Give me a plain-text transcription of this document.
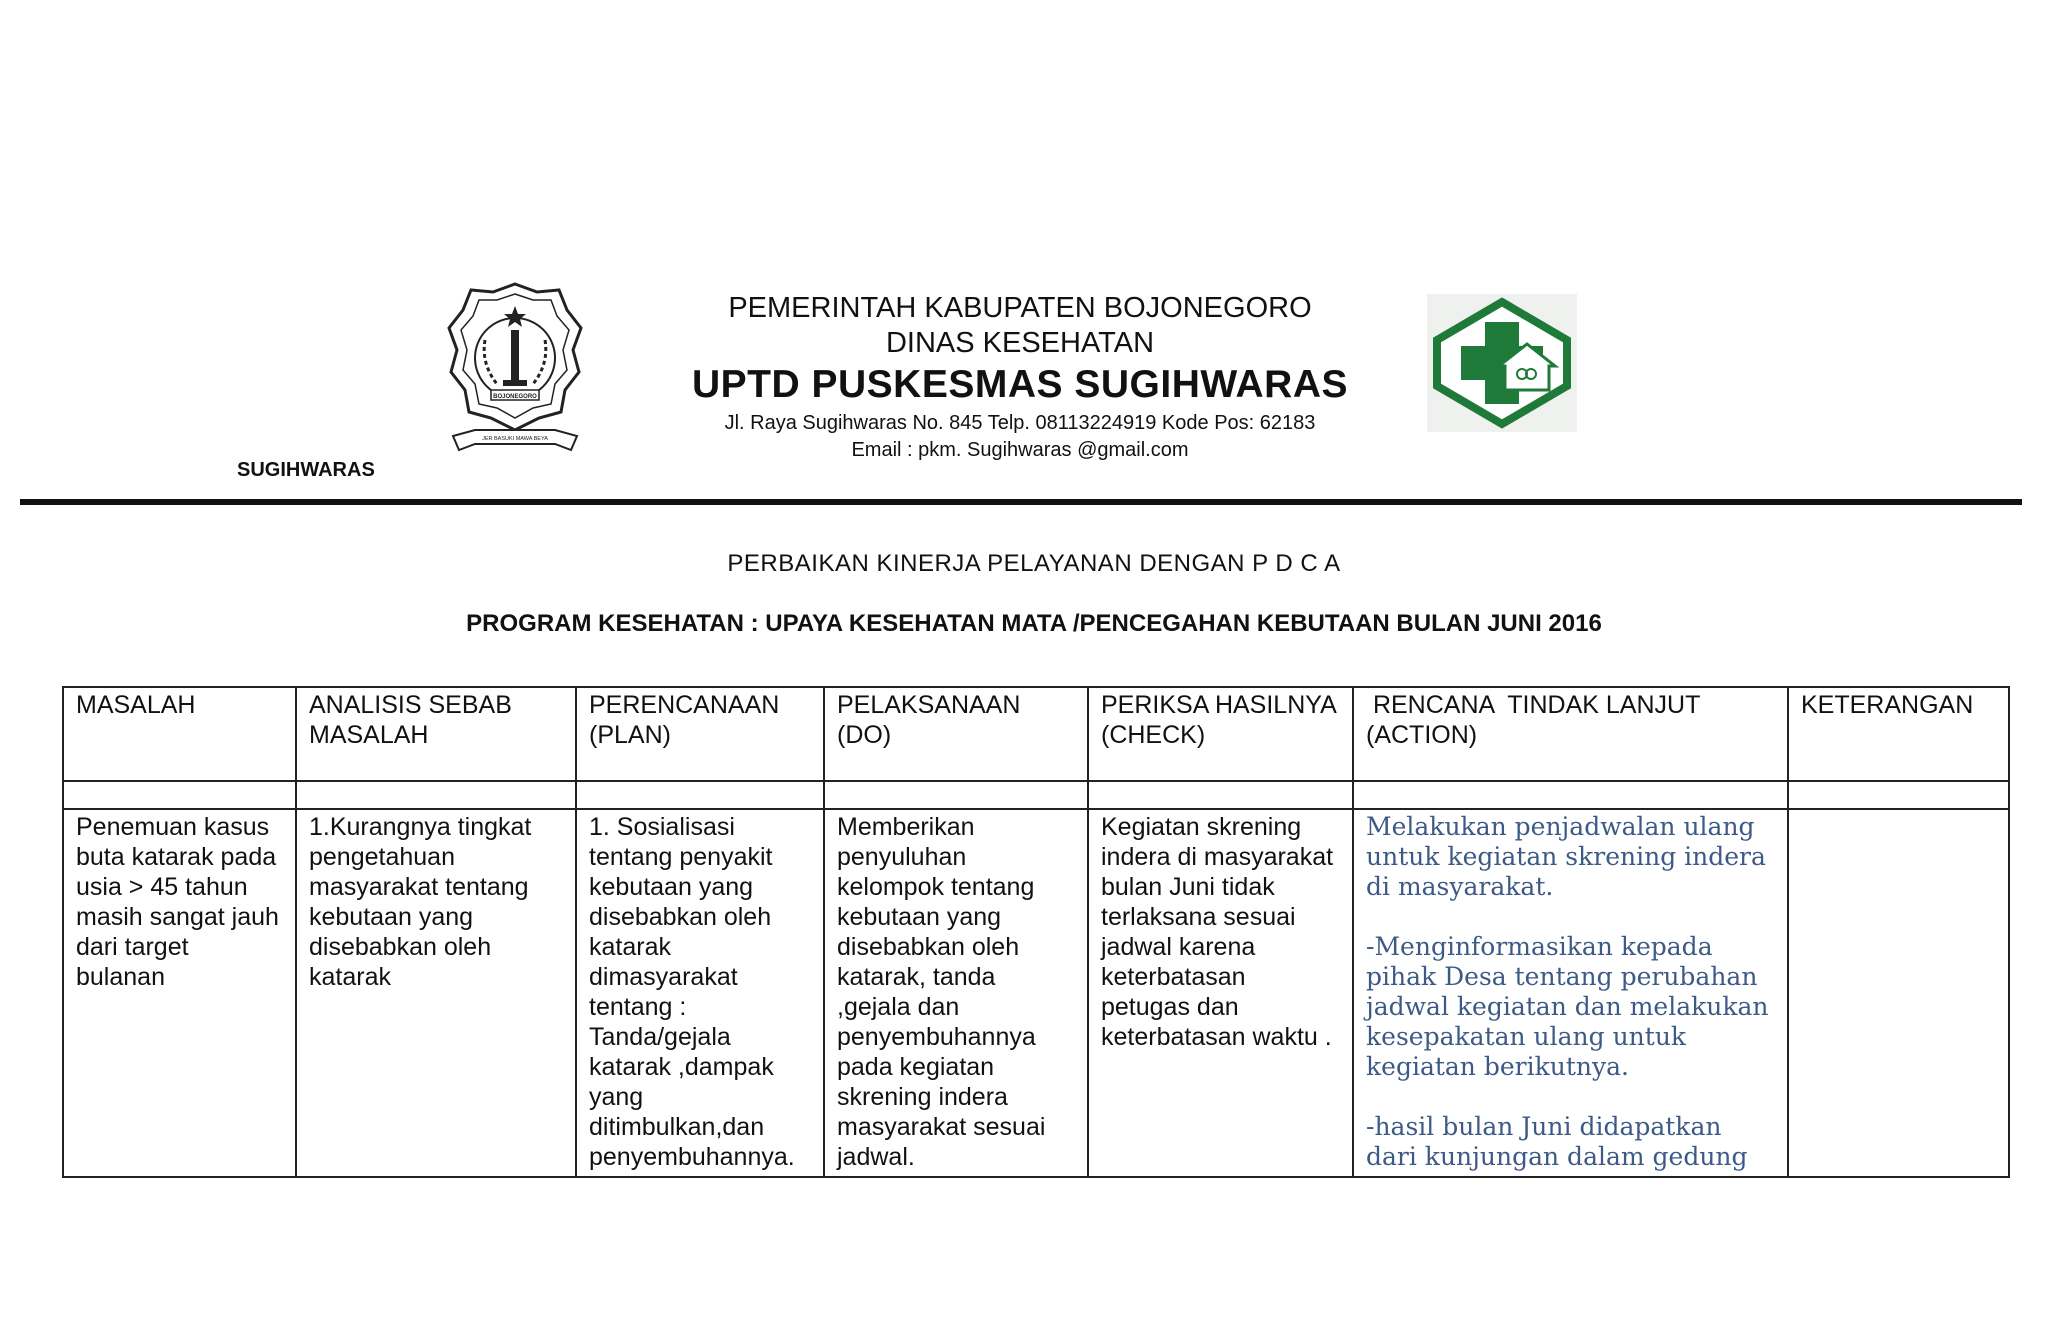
BOJONEGORO
JER BASUKI MAWA BEYA
SUGIHWARAS
PEMERINTAH KABUPATEN BOJONEGORO
DINAS KESEHATAN
UPTD PUSKESMAS SUGIHWARAS
Jl. Raya Sugihwaras No. 845 Telp. 08113224919 Kode Pos: 62183
Email : pkm. Sugihwaras @gmail.com
PERBAIKAN KINERJA PELAYANAN DENGAN P D C A
PROGRAM KESEHATAN : UPAYA KESEHATAN MATA /PENCEGAHAN KEBUTAAN BULAN JUNI 2016
MASALAH	ANALISIS SEBAB MASALAH	PERENCANAAN (PLAN)	PELAKSANAAN (DO)	PERIKSA HASILNYA (CHECK)	RENCANA  TINDAK LANJUT (ACTION)	KETERANGAN

Penemuan kasus buta katarak pada usia > 45 tahun masih sangat jauh dari target bulanan	1.Kurangnya tingkat pengetahuan masyarakat tentang kebutaan yang disebabkan oleh katarak	1. Sosialisasi tentang penyakit kebutaan yang disebabkan oleh katarak dimasyarakat tentang : Tanda/gejala katarak ,dampak yang ditimbulkan,dan penyembuhannya.	Memberikan penyuluhan kelompok tentang kebutaan yang disebabkan oleh katarak, tanda ,gejala dan penyembuhannya pada kegiatan skrening indera masyarakat sesuai jadwal.	Kegiatan skrening indera di masyarakat bulan Juni tidak terlaksana sesuai jadwal karena keterbatasan petugas dan keterbatasan waktu .	Melakukan penjadwalan ulang untuk kegiatan skrening indera di masyarakat.

-Menginformasikan kepada pihak Desa tentang perubahan jadwal kegiatan dan melakukan kesepakatan ulang untuk kegiatan berikutnya.

-hasil bulan Juni didapatkan dari kunjungan dalam gedung	
